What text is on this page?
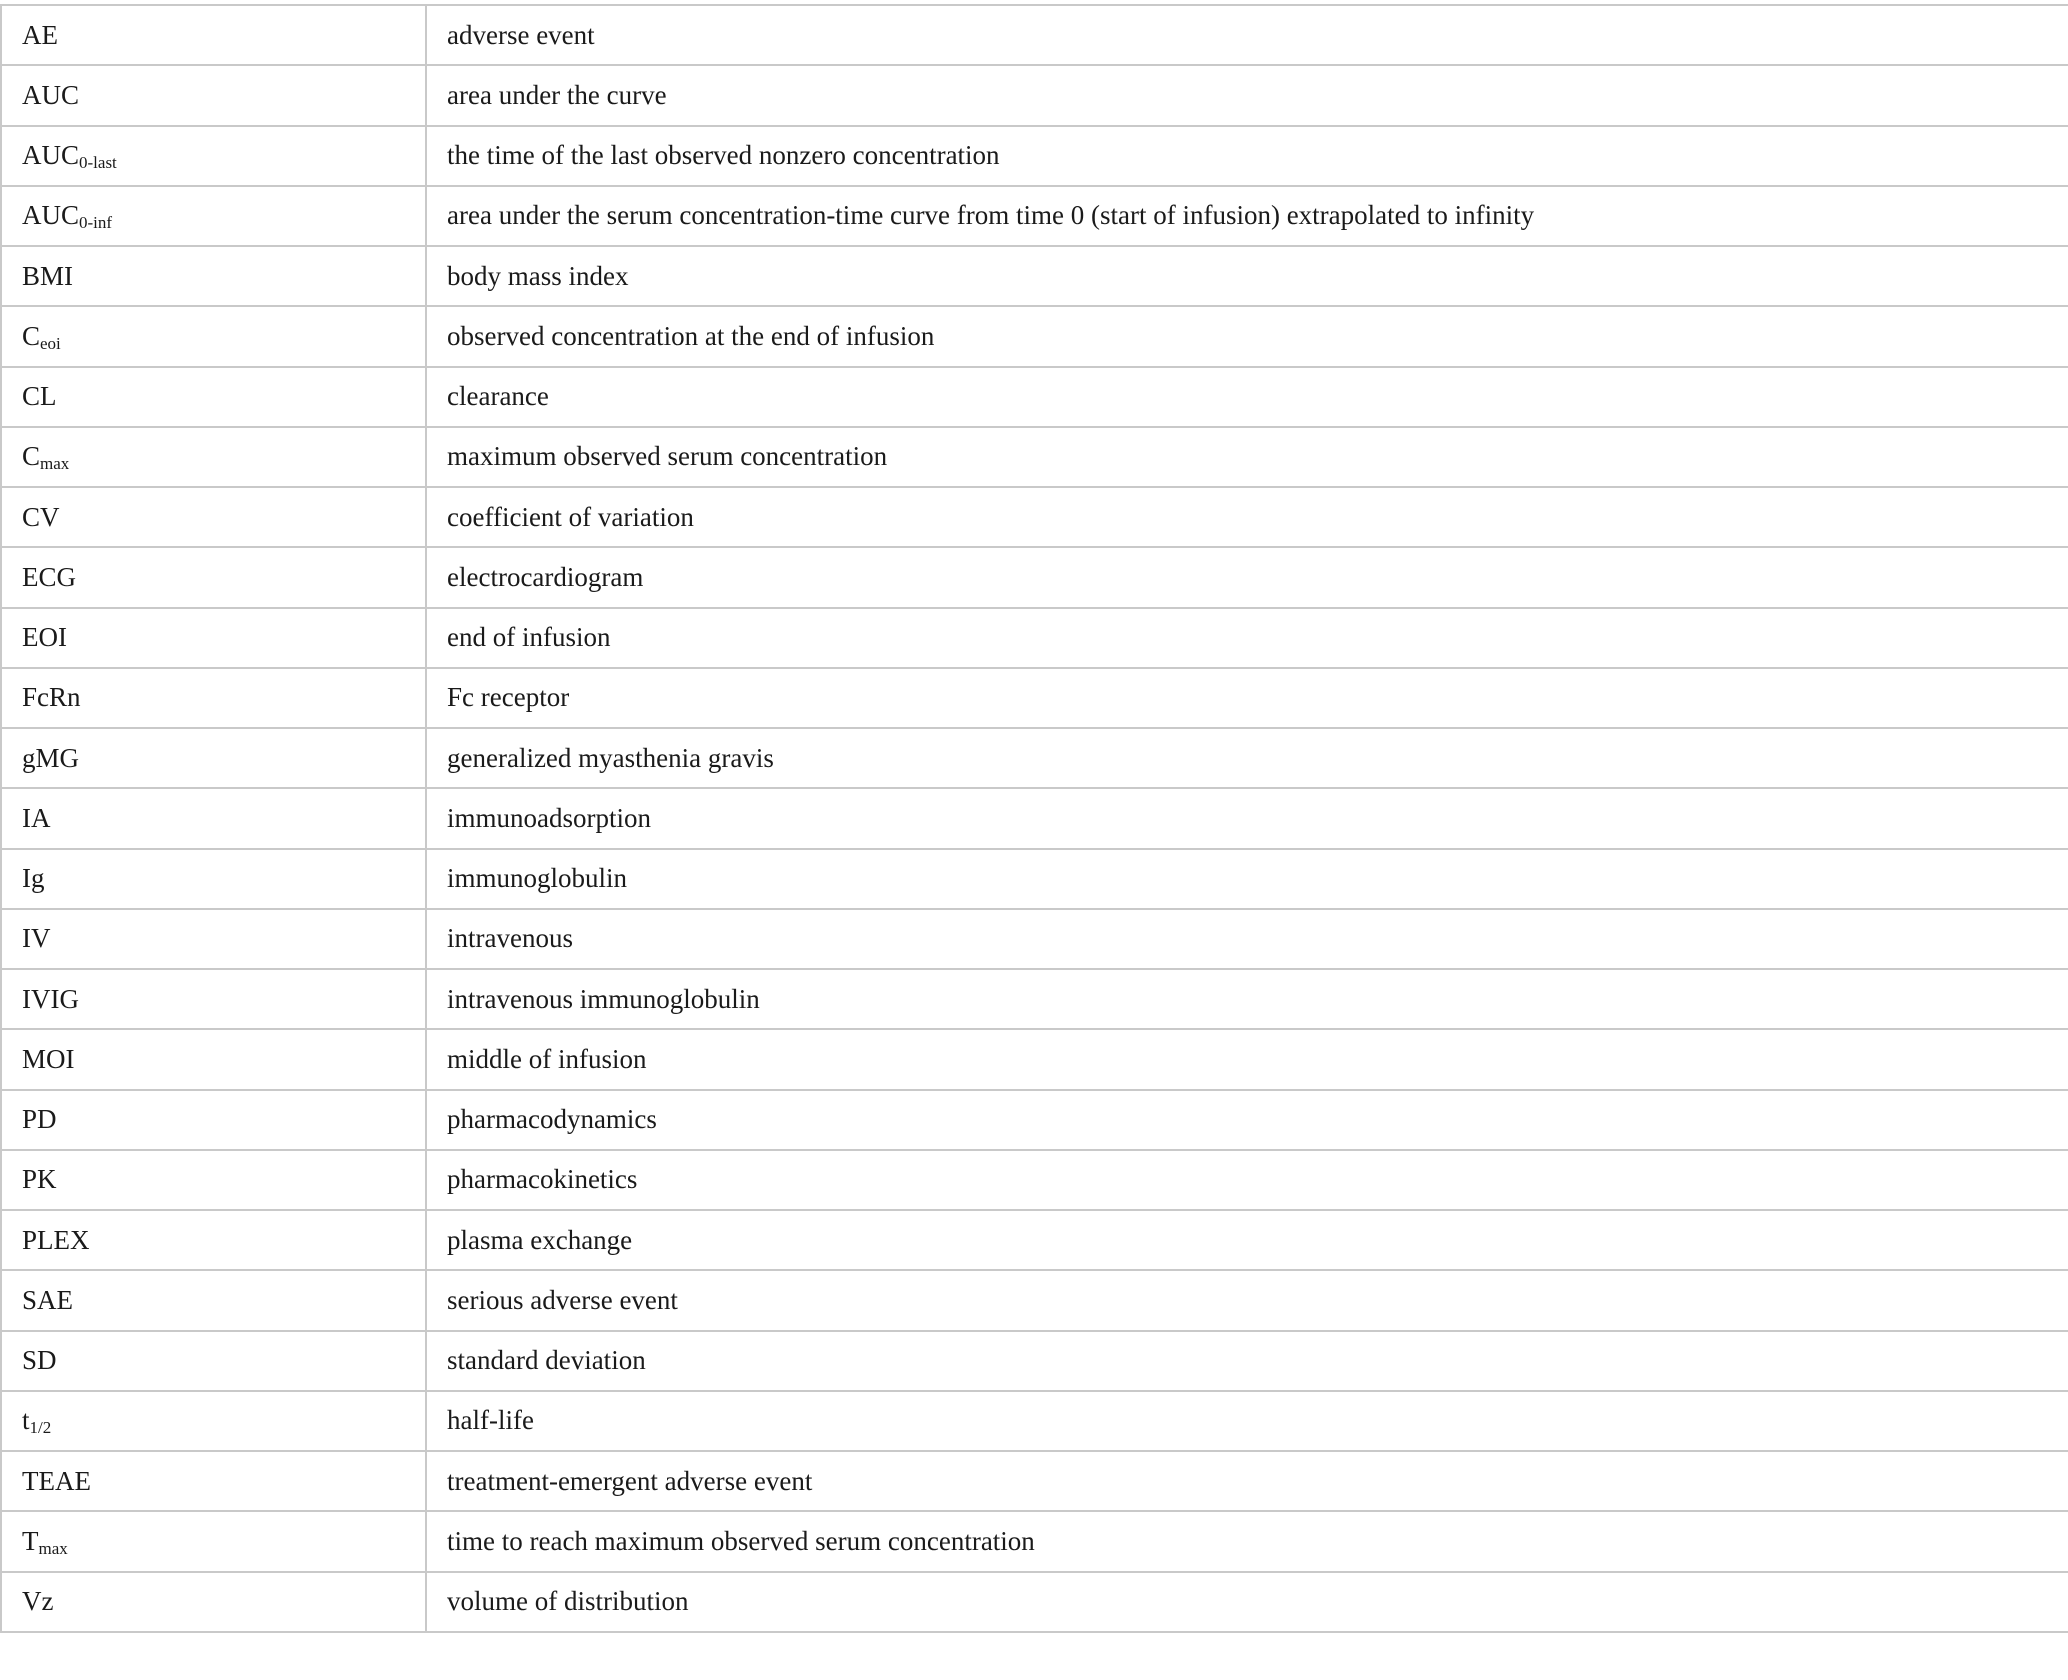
AE	adverse event
AUC	area under the curve
$AUC_{0-last}$	the time of the last observed nonzero concentration
$AUC_{0-inf}$	area under the serum concentration-time curve from time 0 (start of infusion) extrapolated to infinity
BMI	body mass index
$C_{eoi}$	observed concentration at the end of infusion
CL	clearance
$C_{max}$	maximum observed serum concentration
CV	coefficient of variation
ECG	electrocardiogram
EOI	end of infusion
FcRn	Fc receptor
gMG	generalized myasthenia gravis
IA	immunoadsorption
Ig	immunoglobulin
IV	intravenous
IVIG	intravenous immunoglobulin
MOI	middle of infusion
PD	pharmacodynamics
PK	pharmacokinetics
PLEX	plasma exchange
SAE	serious adverse event
SD	standard deviation
$t_{1/2}$	half-life
TEAE	treatment-emergent adverse event
$T_{max}$	time to reach maximum observed serum concentration
Vz	volume of distribution
